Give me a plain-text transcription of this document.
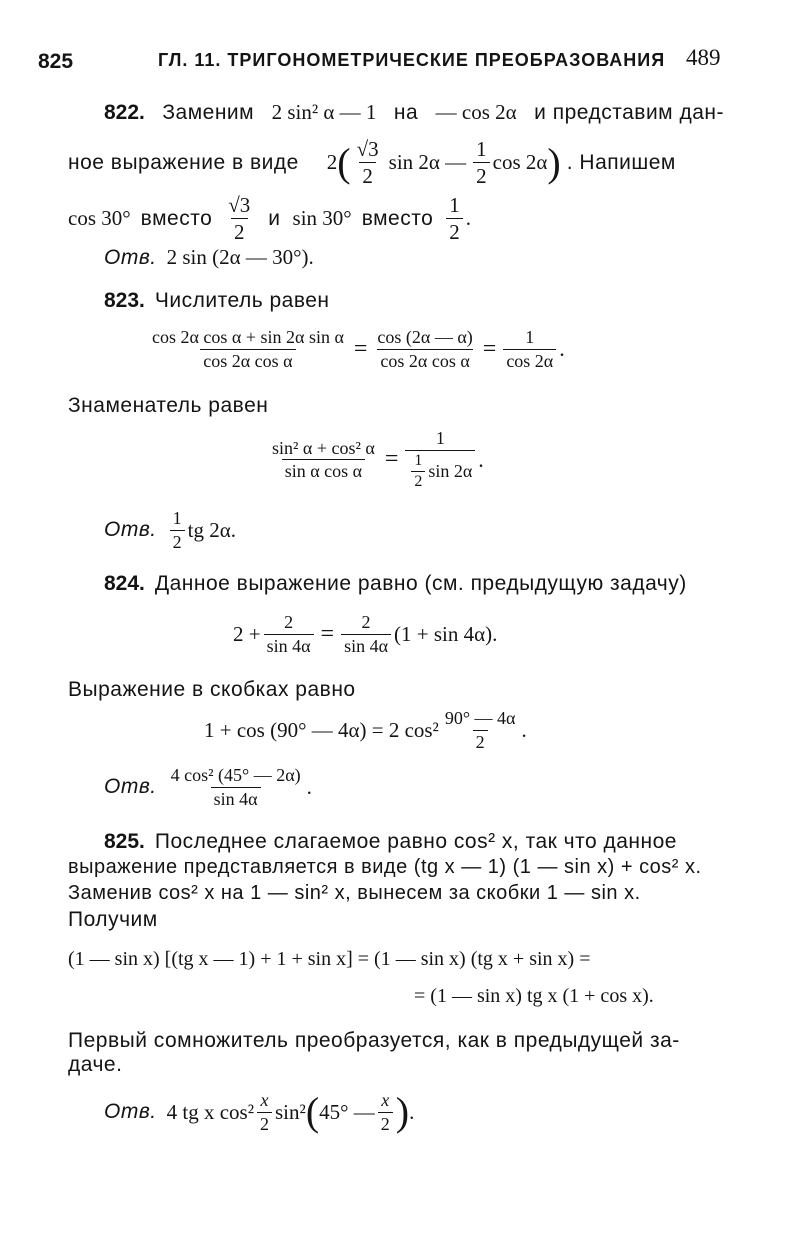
825	ГЛ. 11. ТРИГОНОМЕТРИЧЕСКИЕ ПРЕОБРАЗОВАНИЯ 489
822. Заменим 2 sin² α — 1 на — cos 2α и представим дан-
ное выражение в виде 2 ( $\frac{√3}{2}$ sin 2α — $\frac{1}{2}$ cos 2α ) . Напишем
cos 30° вместо $\frac{√3}{2}$ и sin 30° вместо $\frac{1}{2}$ .
Отв. 2 sin (2α — 30°).
823. Числитель равен
$\frac{\text{cos 2α cos α + sin 2α sin α}}{\text{cos 2α cos α}} = \frac{\cos (2\alpha — \alpha)}{\text{cos 2α cos α}} = \frac{1}{\cos 2\alpha}$ .
Знаменатель равен
$\frac{\text{sin² α + cos² α}}{\text{sin α cos α}} = \frac{1}{\frac{1}{2} \sin 2\alpha}$ .
Отв. $\frac{1}{2}$ tg 2α.
824. Данное выражение равно (см. предыдущую задачу)
$2 + \frac{2}{\sin 4\alpha} = \frac{2}{\sin 4\alpha} (1 + \sin 4\alpha)$.
Выражение в скобках равно
1 + cos (90° — 4α) = 2 $\cos^2 \frac{90^\circ — 4\alpha}{2}$ .
Отв. $\frac{\text{4 cos² (45° — 2α)}}{\sin 4\alpha}$ .
825. Последнее слагаемое равно cos² x, так что данное
выражение представляется в виде (tg x — 1) (1 — sin x) + cos² x.
Заменив cos² x на 1 — sin² x, вынесем за скобки 1 — sin x.
Получим
(1 — sin x) [(tg x — 1) + 1 + sin x] = (1 — sin x) (tg x + sin x) =
= (1 — sin x) tg x (1 + cos x).
Первый сомножитель преобразуется, как в предыдущей за-
даче.
Отв. 4 tg x $\cos^2 \frac{x}{2} \sin^2$ ( 45° — $\frac{x}{2}$ ) .
